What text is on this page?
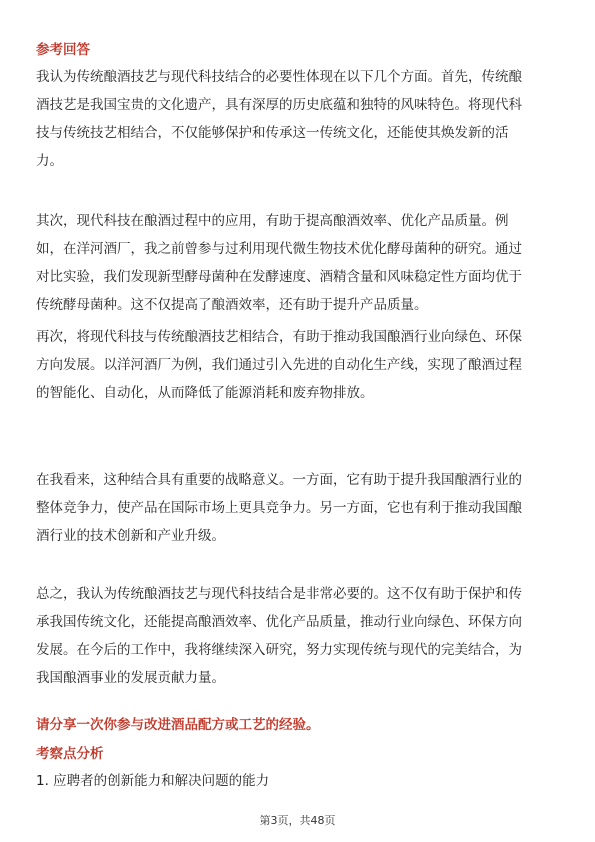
参考回答
我认为传统酿酒技艺与现代科技结合的必要性体现在以下几个方面。首先，传统酿
酒技艺是我国宝贵的文化遗产，具有深厚的历史底蕴和独特的风味特色。将现代科
技与传统技艺相结合，不仅能够保护和传承这一传统文化，还能使其焕发新的活
力。
其次，现代科技在酿酒过程中的应用，有助于提高酿酒效率、优化产品质量。例
如，在洋河酒厂，我之前曾参与过利用现代微生物技术优化酵母菌种的研究。通过
对比实验，我们发现新型酵母菌种在发酵速度、酒精含量和风味稳定性方面均优于
传统酵母菌种。这不仅提高了酿酒效率，还有助于提升产品质量。
再次，将现代科技与传统酿酒技艺相结合，有助于推动我国酿酒行业向绿色、环保
方向发展。以洋河酒厂为例，我们通过引入先进的自动化生产线，实现了酿酒过程
的智能化、自动化，从而降低了能源消耗和废弃物排放。
在我看来，这种结合具有重要的战略意义。一方面，它有助于提升我国酿酒行业的
整体竞争力，使产品在国际市场上更具竞争力。另一方面，它也有利于推动我国酿
酒行业的技术创新和产业升级。
总之，我认为传统酿酒技艺与现代科技结合是非常必要的。这不仅有助于保护和传
承我国传统文化，还能提高酿酒效率、优化产品质量，推动行业向绿色、环保方向
发展。在今后的工作中，我将继续深入研究，努力实现传统与现代的完美结合，为
我国酿酒事业的发展贡献力量。
请分享一次你参与改进酒品配方或工艺的经验。
考察点分析
1. 应聘者的创新能力和解决问题的能力
第3页，共48页
